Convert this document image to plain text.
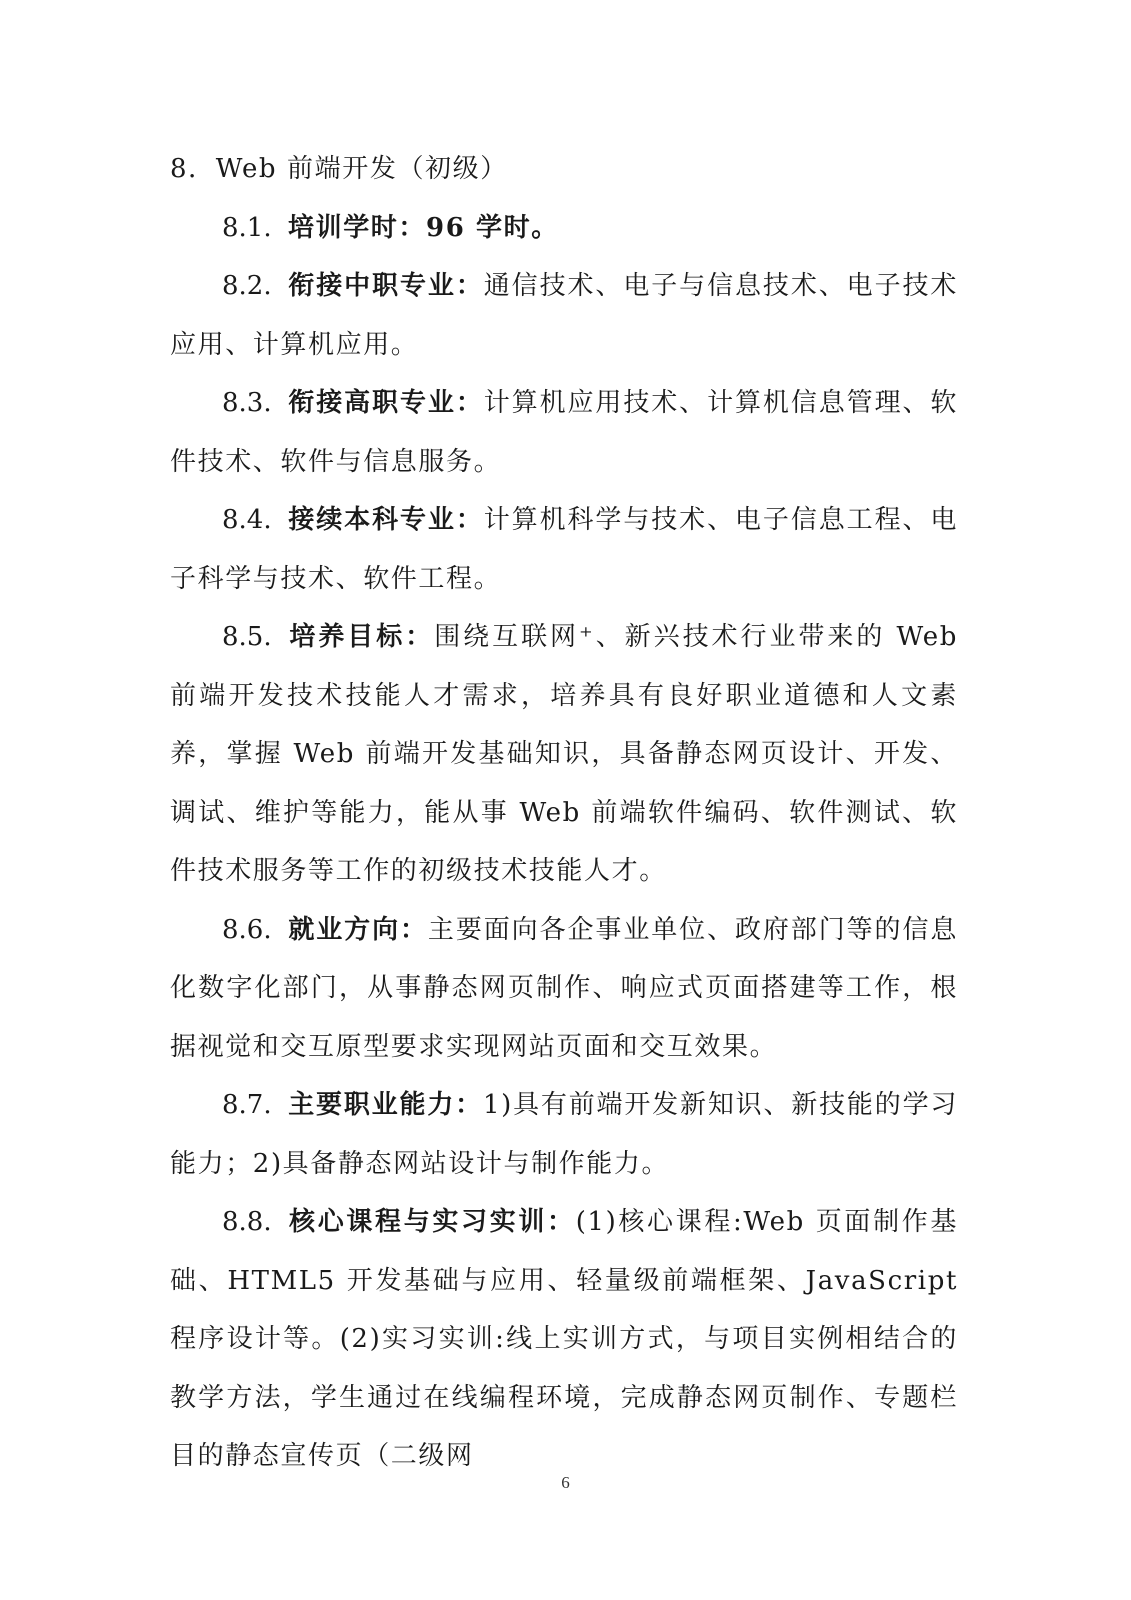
8．Web 前端开发（初级）

8.1. 培训学时：96 学时。

8.2. 衔接中职专业：通信技术、电子与信息技术、电子技术应用、计算机应用。

8.3. 衔接高职专业：计算机应用技术、计算机信息管理、软件技术、软件与信息服务。

8.4. 接续本科专业：计算机科学与技术、电子信息工程、电子科学与技术、软件工程。

8.5. 培养目标：围绕互联网⁺、新兴技术行业带来的 Web 前端开发技术技能人才需求，培养具有良好职业道德和人文素养，掌握 Web 前端开发基础知识，具备静态网页设计、开发、调试、维护等能力，能从事 Web 前端软件编码、软件测试、软件技术服务等工作的初级技术技能人才。

8.6. 就业方向：主要面向各企事业单位、政府部门等的信息化数字化部门，从事静态网页制作、响应式页面搭建等工作，根据视觉和交互原型要求实现网站页面和交互效果。

8.7. 主要职业能力：1)具有前端开发新知识、新技能的学习能力；2)具备静态网站设计与制作能力。

8.8. 核心课程与实习实训：(1)核心课程:Web 页面制作基础、HTML5 开发基础与应用、轻量级前端框架、JavaScript 程序设计等。(2)实习实训:线上实训方式，与项目实例相结合的教学方法，学生通过在线编程环境，完成静态网页制作、专题栏目的静态宣传页（二级网

6
